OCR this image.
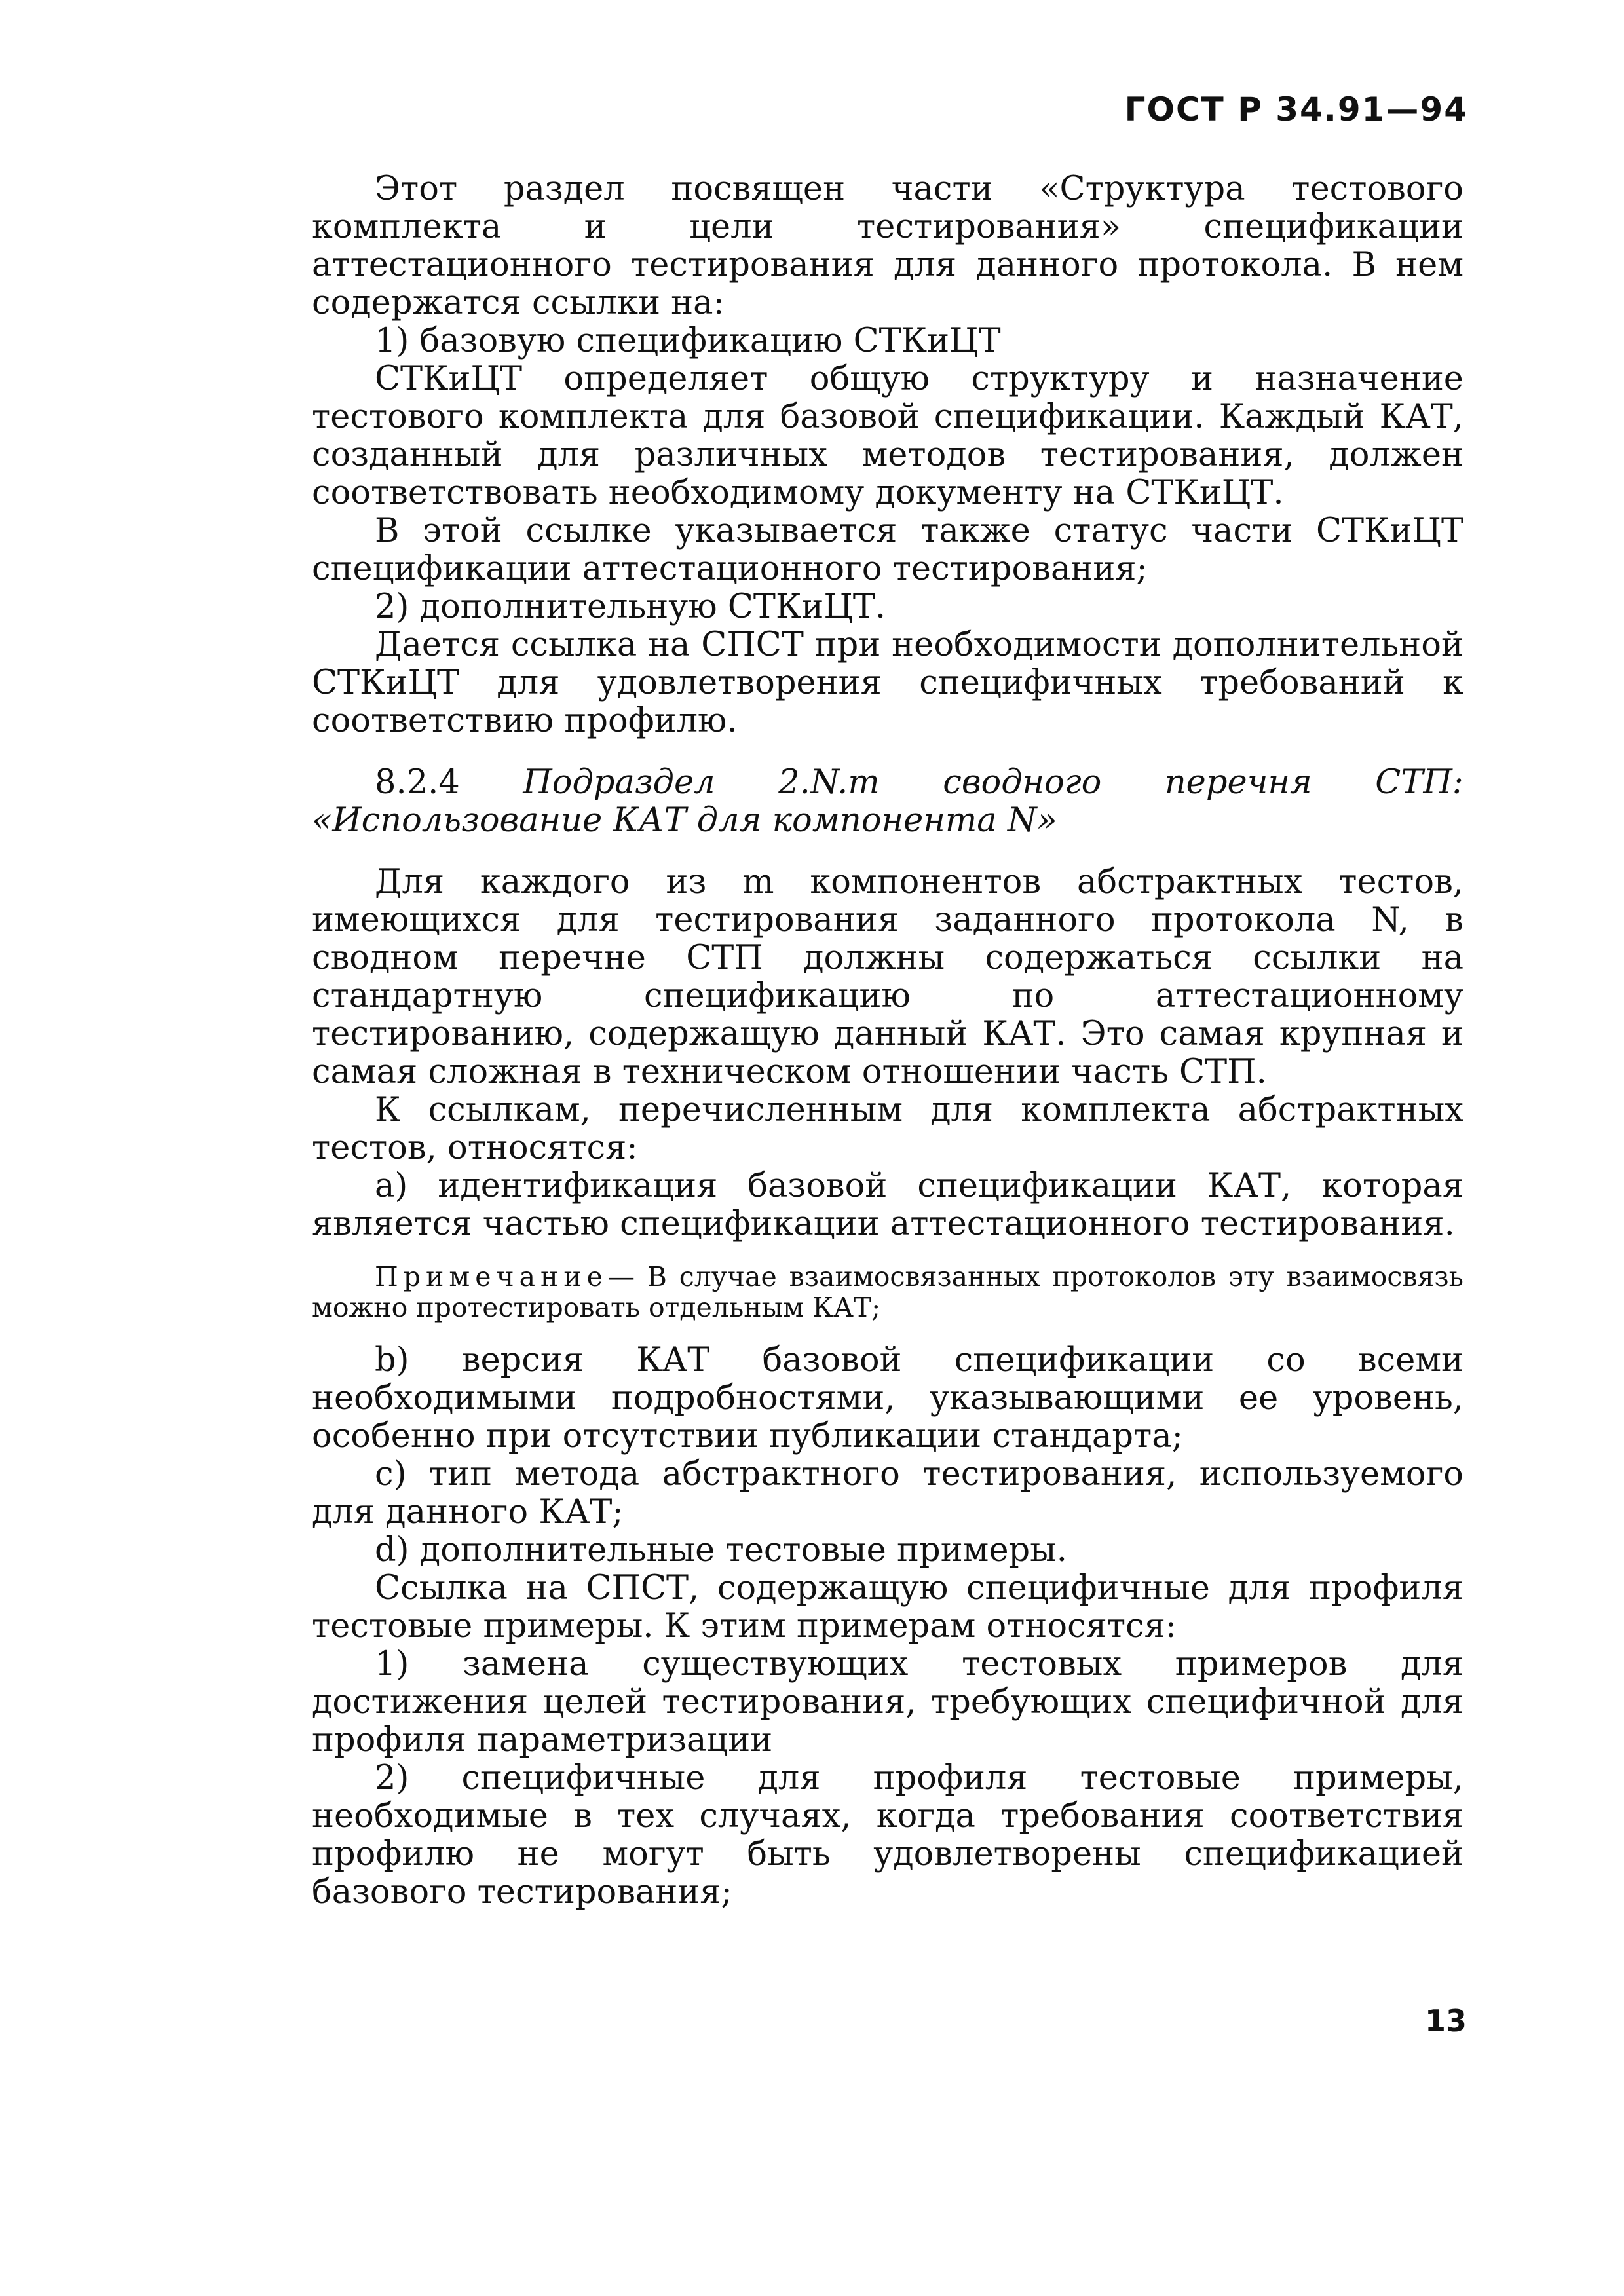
ГОСТ Р 34.91—94

Этот раздел посвящен части «Структура тестового комплекта и цели тестирования» спецификации аттестационного тестирования для данного протокола. В нем содержатся ссылки на:

1) базовую спецификацию СТКиЦТ

СТКиЦТ определяет общую структуру и назначение тестового комплекта для базовой спецификации. Каждый КАТ, созданный для различных методов тестирования, должен соответствовать необходимому документу на СТКиЦТ.

В этой ссылке указывается также статус части СТКиЦТ спецификации аттестационного тестирования;

2) дополнительную СТКиЦТ.

Дается ссылка на СПСТ при необходимости дополнительной СТКиЦТ для удовлетворения специфичных требований к соответствию профилю.

8.2.4 Подраздел 2.N.m сводного перечня СТП: «Использование КАТ для компонента N»

Для каждого из m компонентов абстрактных тестов, имеющихся для тестирования заданного протокола N, в сводном перечне СТП должны содержаться ссылки на стандартную спецификацию по аттестационному тестированию, содержащую данный КАТ. Это самая крупная и самая сложная в техническом отношении часть СТП.

К ссылкам, перечисленным для комплекта абстрактных тестов, относятся:

a) идентификация базовой спецификации КАТ, которая является частью спецификации аттестационного тестирования.

Примечание— В случае взаимосвязанных протоколов эту взаимосвязь можно протестировать отдельным КАТ;

b) версия КАТ базовой спецификации со всеми необходимыми подробностями, указывающими ее уровень, особенно при отсутствии публикации стандарта;

c) тип метода абстрактного тестирования, используемого для данного КАТ;

d) дополнительные тестовые примеры.

Ссылка на СПСТ, содержащую специфичные для профиля тестовые примеры. К этим примерам относятся:

1) замена существующих тестовых примеров для достижения целей тестирования, требующих специфичной для профиля параметризации

2) специфичные для профиля тестовые примеры, необходимые в тех случаях, когда требования соответствия профилю не могут быть удовлетворены спецификацией базового тестирования;

13
